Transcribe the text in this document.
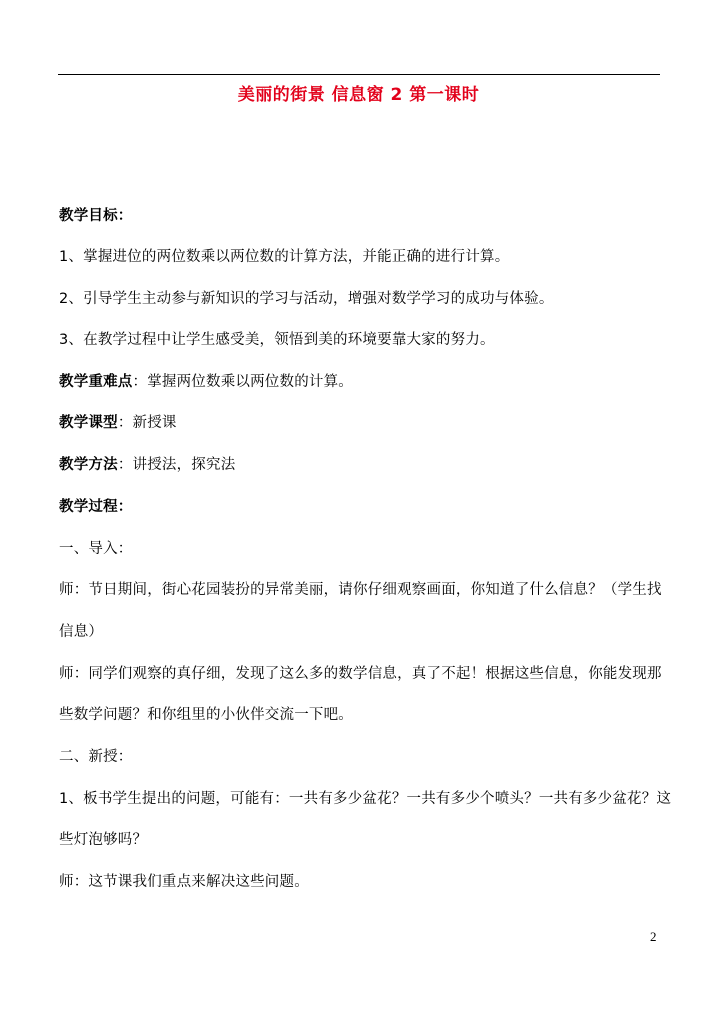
美丽的街景 信息窗 2 第一课时
教学目标：
1、掌握进位的两位数乘以两位数的计算方法，并能正确的进行计算。
2、引导学生主动参与新知识的学习与活动，增强对数学学习的成功与体验。
3、在教学过程中让学生感受美，领悟到美的环境要靠大家的努力。
教学重难点：掌握两位数乘以两位数的计算。
教学课型：新授课
教学方法：讲授法，探究法
教学过程：
一、导入：
师：节日期间，街心花园装扮的异常美丽，请你仔细观察画面，你知道了什么信息？（学生找
信息）
师：同学们观察的真仔细，发现了这么多的数学信息，真了不起！根据这些信息，你能发现那
些数学问题？和你组里的小伙伴交流一下吧。
二、新授：
1、板书学生提出的问题，可能有：一共有多少盆花？一共有多少个喷头？一共有多少盆花？这
些灯泡够吗？
师：这节课我们重点来解决这些问题。
2
